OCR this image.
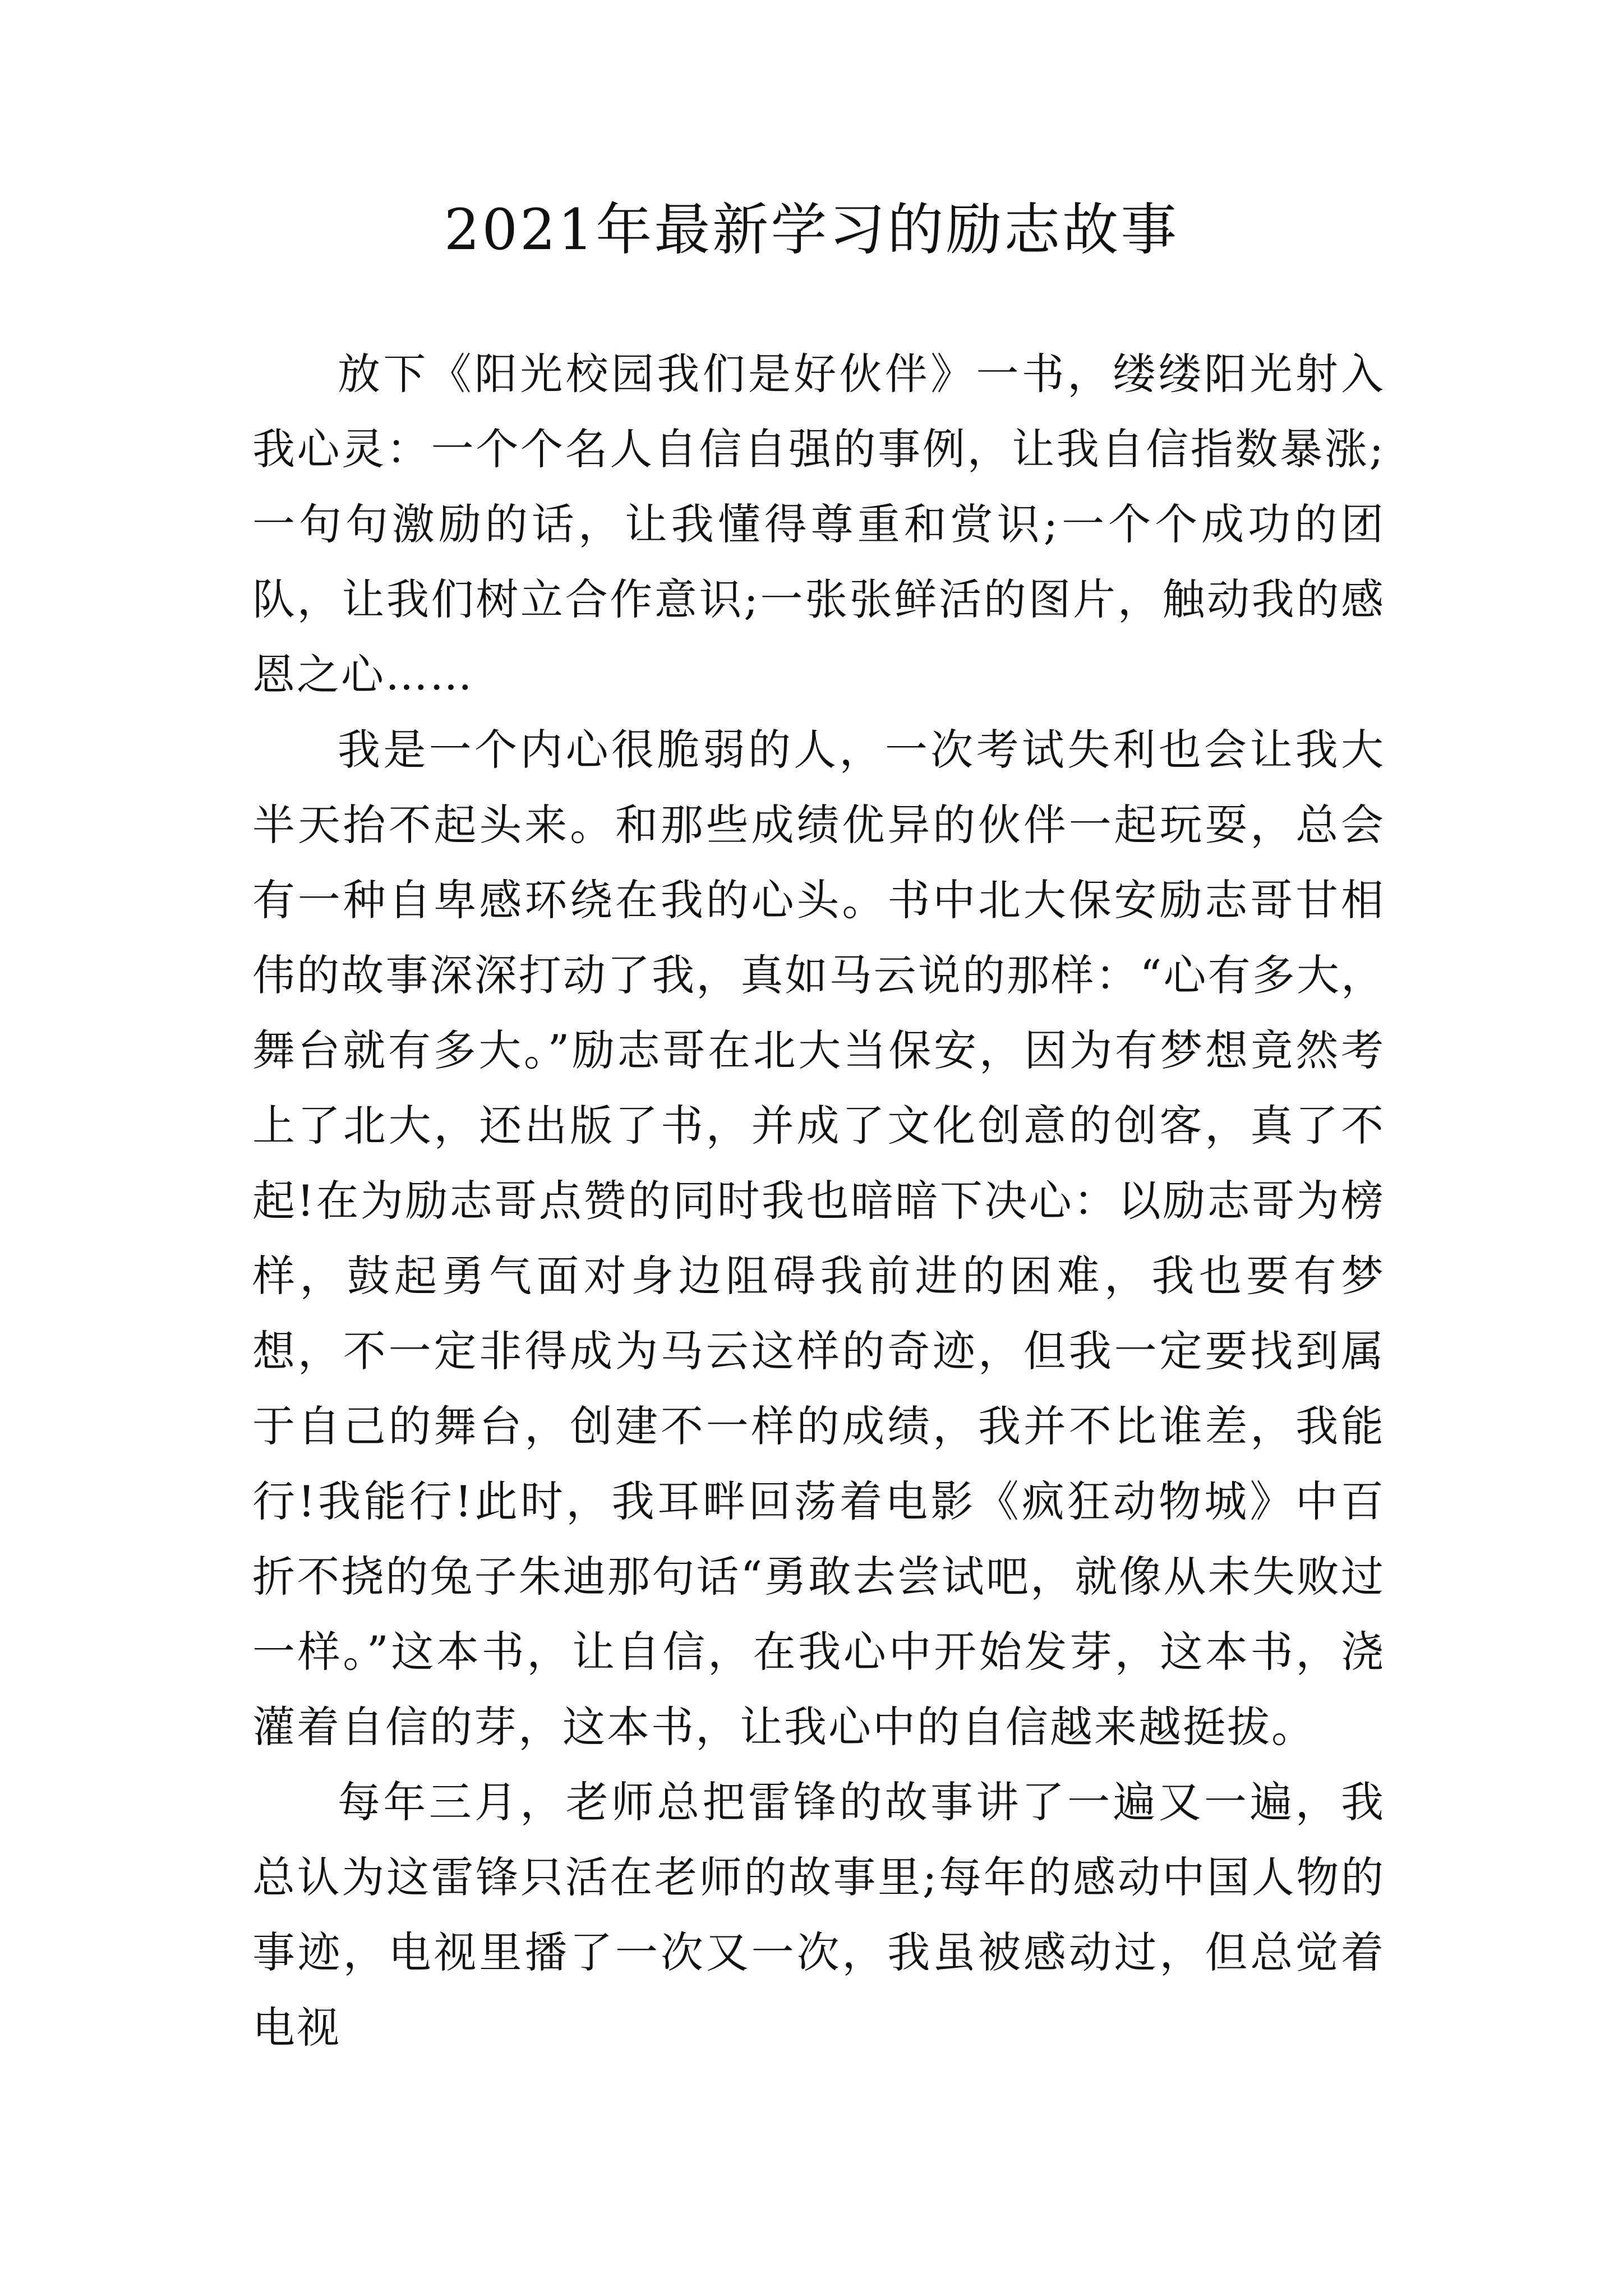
2021年最新学习的励志故事

放下《阳光校园我们是好伙伴》一书，缕缕阳光射入我心灵：一个个名人自信自强的事例，让我自信指数暴涨;一句句激励的话，让我懂得尊重和赏识;一个个成功的团队，让我们树立合作意识;一张张鲜活的图片，触动我的感恩之心……

我是一个内心很脆弱的人，一次考试失利也会让我大半天抬不起头来。和那些成绩优异的伙伴一起玩耍，总会有一种自卑感环绕在我的心头。书中北大保安励志哥甘相伟的故事深深打动了我，真如马云说的那样：“心有多大，舞台就有多大。”励志哥在北大当保安，因为有梦想竟然考上了北大，还出版了书，并成了文化创意的创客，真了不起!在为励志哥点赞的同时我也暗暗下决心：以励志哥为榜样，鼓起勇气面对身边阻碍我前进的困难，我也要有梦想，不一定非得成为马云这样的奇迹，但我一定要找到属于自己的舞台，创建不一样的成绩，我并不比谁差，我能行!我能行!此时，我耳畔回荡着电影《疯狂动物城》中百折不挠的兔子朱迪那句话“勇敢去尝试吧，就像从未失败过一样。”这本书，让自信，在我心中开始发芽，这本书，浇灌着自信的芽，这本书，让我心中的自信越来越挺拔。

每年三月，老师总把雷锋的故事讲了一遍又一遍，我总认为这雷锋只活在老师的故事里;每年的感动中国人物的事迹，电视里播了一次又一次，我虽被感动过，但总觉着电视
